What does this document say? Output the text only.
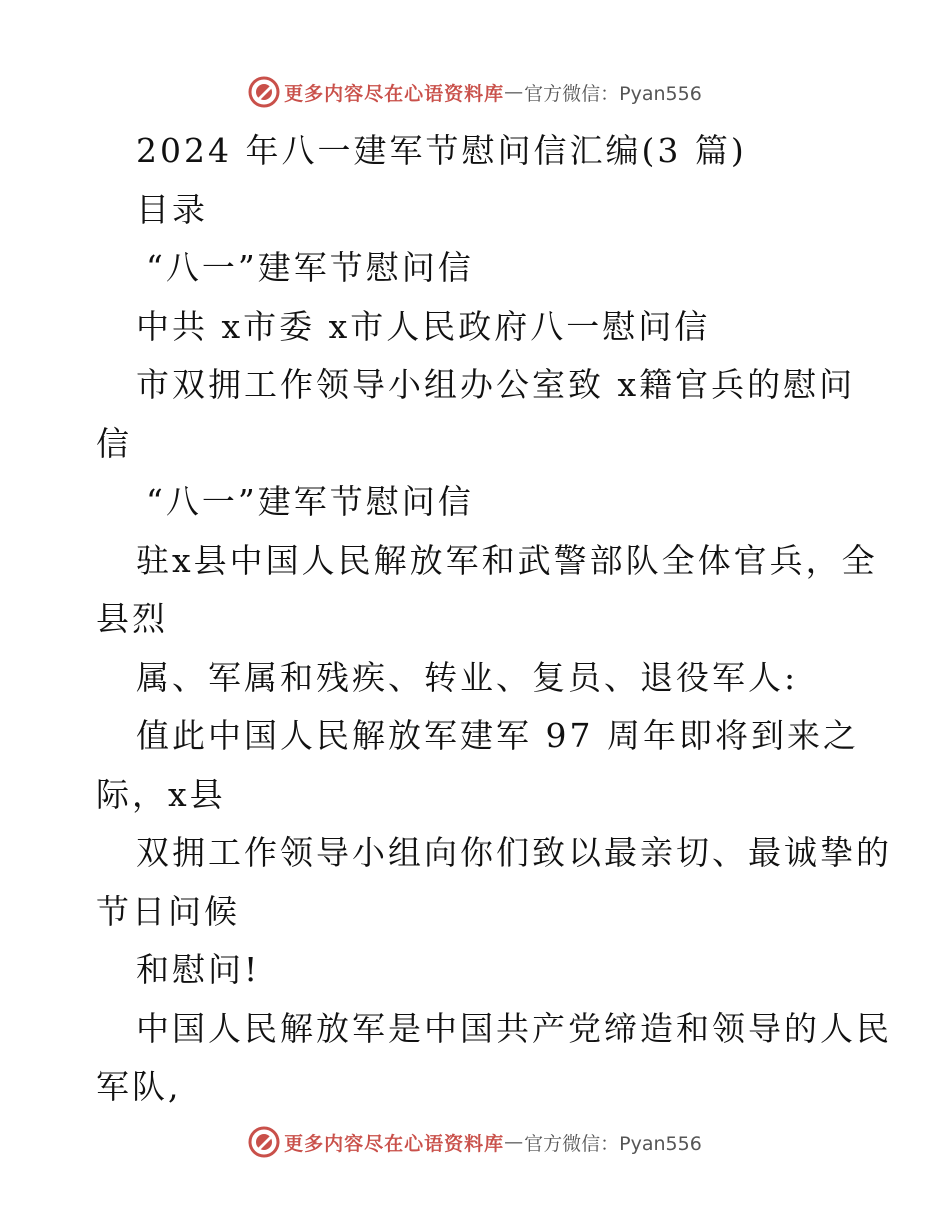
更多内容尽在心语资料库 — 官方微信：Pyan556
2024 年八一建军节慰问信汇编(3 篇)
目录
“八一”建军节慰问信
中共 x市委 x市人民政府八一慰问信
市双拥工作领导小组办公室致 x籍官兵的慰问
信
“八一”建军节慰问信
驻x县中国人民解放军和武警部队全体官兵，全
县烈
属、军属和残疾、转业、复员、退役军人:
值此中国人民解放军建军 97 周年即将到来之
际，x县
双拥工作领导小组向你们致以最亲切、最诚挚的
节日问候
和慰问!
中国人民解放军是中国共产党缔造和领导的人民
军队,
更多内容尽在心语资料库 — 官方微信：Pyan556
